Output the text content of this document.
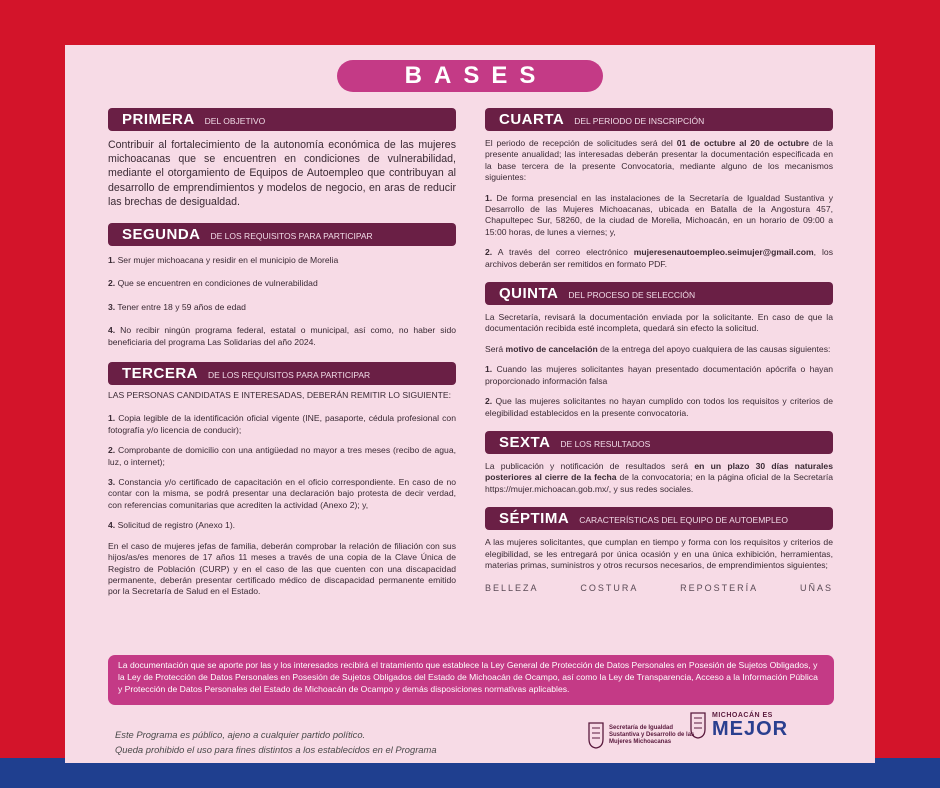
BASES
PRIMERA DEL OBJETIVO
Contribuir al fortalecimiento de la autonomía económica de las mujeres michoacanas que se encuentren en condiciones de vulnerabilidad, mediante el otorgamiento de Equipos de Autoempleo que contribuyan al desarrollo de emprendimientos y modelos de negocio, en aras de reducir las brechas de desigualdad.
SEGUNDA DE LOS REQUISITOS PARA PARTICIPAR
1. Ser mujer michoacana y residir en el municipio de Morelia
2. Que se encuentren en condiciones de vulnerabilidad
3. Tener entre 18 y 59 años de edad
4. No recibir ningún programa federal, estatal o municipal, así como, no haber sido beneficiaria del programa Las Solidarias del año 2024.
TERCERA DE LOS REQUISITOS PARA PARTICIPAR
LAS PERSONAS CANDIDATAS E INTERESADAS, DEBERÁN REMITIR LO SIGUIENTE:
1. Copia legible de la identificación oficial vigente (INE, pasaporte, cédula profesional con fotografía y/o licencia de conducir);
2. Comprobante de domicilio con una antigüedad no mayor a tres meses (recibo de agua, luz, o internet);
3. Constancia y/o certificado de capacitación en el oficio correspondiente. En caso de no contar con la misma, se podrá presentar una declaración bajo protesta de decir verdad, con referencias comunitarias que acrediten la actividad (Anexo 2); y,
4. Solicitud de registro (Anexo 1).
En el caso de mujeres jefas de familia, deberán comprobar la relación de filiación con sus hijos/as/es menores de 17 años 11 meses a través de una copia de la Clave Única de Registro de Población (CURP) y en el caso de las que cuenten con una discapacidad permanente, deberán presentar certificado médico de discapacidad permanente emitido por la Secretaría de Salud en el Estado.
CUARTA DEL PERIODO DE INSCRIPCIÓN
El periodo de recepción de solicitudes será del 01 de octubre al 20 de octubre de la presente anualidad; las interesadas deberán presentar la documentación especificada en la base tercera de la presente Convocatoria, mediante alguno de los mecanismos siguientes:
1. De forma presencial en las instalaciones de la Secretaría de Igualdad Sustantiva y Desarrollo de las Mujeres Michoacanas, ubicada en Batalla de la Angostura 457, Chapultepec Sur, 58260, de la ciudad de Morelia, Michoacán, en un horario de 09:00 a 15:00 horas, de lunes a viernes; y,
2. A través del correo electrónico mujeresenautoempleo.seimujer@gmail.com, los archivos deberán ser remitidos en formato PDF.
QUINTA DEL PROCESO DE SELECCIÓN
La Secretaría, revisará la documentación enviada por la solicitante. En caso de que la documentación recibida esté incompleta, quedará sin efecto la solicitud.
Será motivo de cancelación de la entrega del apoyo cualquiera de las causas siguientes:
1. Cuando las mujeres solicitantes hayan presentado documentación apócrifa o hayan proporcionado información falsa
2. Que las mujeres solicitantes no hayan cumplido con todos los requisitos y criterios de elegibilidad establecidos en la presente convocatoria.
SEXTA DE LOS RESULTADOS
La publicación y notificación de resultados será en un plazo 30 días naturales posteriores al cierre de la fecha de la convocatoria; en la página oficial de la Secretaría https://mujer.michoacan.gob.mx/, y sus redes sociales.
SÉPTIMA CARACTERÍSTICAS DEL EQUIPO DE AUTOEMPLEO
A las mujeres solicitantes, que cumplan en tiempo y forma con los requisitos y criterios de elegibilidad, se les entregará por única ocasión y en una única exhibición, herramientas, materias primas, suministros y otros recursos necesarios, de emprendimientos siguientes;
BELLEZA	COSTURA	REPOSTERÍA	UÑAS
La documentación que se aporte por las y los interesados recibirá el tratamiento que establece la Ley General de Protección de Datos Personales en Posesión de Sujetos Obligados, y la Ley de Protección de Datos Personales en Posesión de Sujetos Obligados del Estado de Michoacán de Ocampo, así como la Ley de Transparencia, Acceso a la Información Pública y Protección de Datos Personales del Estado de Michoacán de Ocampo y demás disposiciones normativas aplicables.
Este Programa es público, ajeno a cualquier partido político.
Queda prohibido el uso para fines distintos a los establecidos en el Programa
Secretaría de Igualdad Sustantiva y Desarrollo de las Mujeres Michoacanas
MICHOACÁN ES
MEJOR
